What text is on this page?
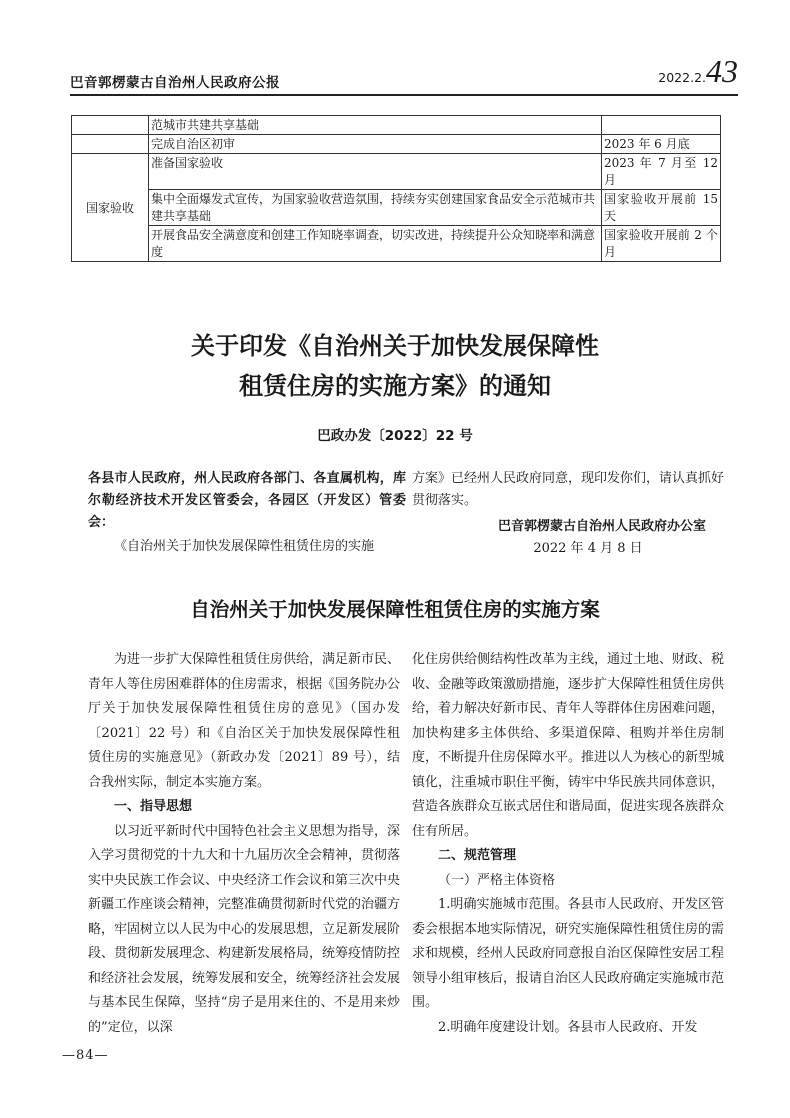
巴音郭楞蒙古自治州人民政府公报	2022.2.43
	范城市共建共享基础	
	完成自治区初审	2023 年 6 月底
国家验收	准备国家验收	2023 年 7 月至 12 月
	集中全面爆发式宣传，为国家验收营造氛围，持续夯实创建国家食品安全示范城市共建共享基础	国家验收开展前 15 天
	开展食品安全满意度和创建工作知晓率调查，切实改进，持续提升公众知晓率和满意度	国家验收开展前 2 个月
关于印发《自治州关于加快发展保障性
租赁住房的实施方案》的通知
巴政办发〔2022〕22 号

各县市人民政府，州人民政府各部门、各直属机构，库尔勒经济技术开发区管委会，各园区（开发区）管委会：

《自治州关于加快发展保障性租赁住房的实施

方案》已经州人民政府同意，现印发你们，请认真抓好贯彻落实。

巴音郭楞蒙古自治州人民政府办公室

2022 年 4 月 8 日

自治州关于加快发展保障性租赁住房的实施方案

为进一步扩大保障性租赁住房供给，满足新市民、青年人等住房困难群体的住房需求，根据《国务院办公厅关于加快发展保障性租赁住房的意见》（国办发〔2021〕22 号）和《自治区关于加快发展保障性租赁住房的实施意见》（新政办发〔2021〕89 号），结合我州实际，制定本实施方案。

一、指导思想

以习近平新时代中国特色社会主义思想为指导，深入学习贯彻党的十九大和十九届历次全会精神，贯彻落实中央民族工作会议、中央经济工作会议和第三次中央新疆工作座谈会精神，完整准确贯彻新时代党的治疆方略，牢固树立以人民为中心的发展思想，立足新发展阶段、贯彻新发展理念、构建新发展格局，统筹疫情防控和经济社会发展，统筹发展和安全，统筹经济社会发展与基本民生保障，坚持“房子是用来住的、不是用来炒的”定位，以深

化住房供给侧结构性改革为主线，通过土地、财政、税收、金融等政策激励措施，逐步扩大保障性租赁住房供给，着力解决好新市民、青年人等群体住房困难问题，加快构建多主体供给、多渠道保障、租购并举住房制度，不断提升住房保障水平。推进以人为核心的新型城镇化，注重城市职住平衡，铸牢中华民族共同体意识，营造各族群众互嵌式居住和谐局面，促进实现各族群众住有所居。

二、规范管理

（一）严格主体资格

1.明确实施城市范围。各县市人民政府、开发区管委会根据本地实际情况，研究实施保障性租赁住房的需求和规模，经州人民政府同意报自治区保障性安居工程领导小组审核后，报请自治区人民政府确定实施城市范围。

2.明确年度建设计划。各县市人民政府、开发

—84—
